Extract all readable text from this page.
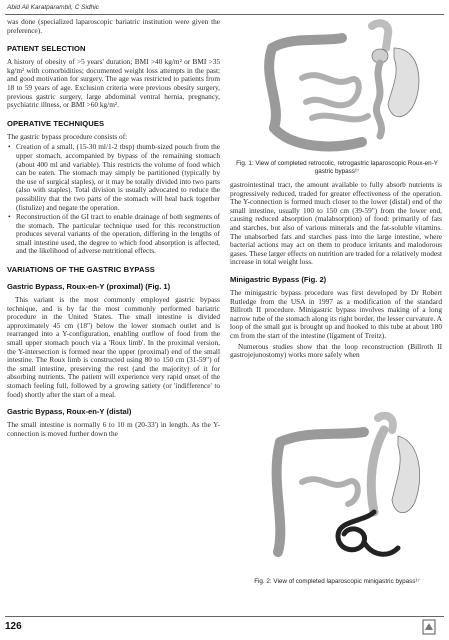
Abid Ali Karatparambil, C Sidhic

was done (specialized laparoscopic bariatric institution were given the preference).

PATIENT SELECTION

A history of obesity of >5 years' duration; BMI >40 kg/m² or BMI >35 kg/m² with comorbidities; documented weight loss attempts in the past; and good motivation for surgery. The age was restricted to patients from 18 to 59 years of age. Exclusion criteria were previous obesity surgery, previous gastric surgery, large abdominal ventral hernia, pregnancy, psychiatric illness, or BMI >60 kg/m².

OPERATIVE TECHNIQUES

The gastric bypass procedure consists of:

• Creation of a small, (15-30 ml/1-2 tbsp) thumb-sized pouch from the upper stomach, accompanied by bypass of the remaining stomach (about 400 ml and variable). This restricts the volume of food which can be eaten. The stomach may simply be partitioned (typically by the use of surgical staples), or it may be totally divided into two parts (also with staples). Total division is usually advocated to reduce the possibility that the two parts of the stomach will heal back together (fistulize) and negate the operation.
• Reconstruction of the GI tract to enable drainage of both segments of the stomach. The particular technique used for this reconstruction produces several variants of the operation, differing in the lengths of small intestine used, the degree to which food absorption is affected, and the likelihood of adverse nutritional effects.
VARIATIONS OF THE GASTRIC BYPASS
Gastric Bypass, Roux-en-Y (proximal) (Fig. 1)

This variant is the most commonly employed gastric bypass technique, and is by far the most commonly performed bariatric procedure in the United States. The small intestine is divided approximately 45 cm (18") below the lower stomach outlet and is rearranged into a Y-configuration, enabling outflow of food from the small upper stomach pouch via a 'Roux limb'. In the proximal version, the Y-intersection is formed near the upper (proximal) end of the small intestine. The Roux limb is constructed using 80 to 150 cm (31-59") of the small intestine, preserving the rest (and the majority) of it for absorbing nutrients. The patient will experience very rapid onset of the stomach feeling full, followed by a growing satiety (or 'indifference' to food) shortly after the start of a meal.

Gastric Bypass, Roux-en-Y (distal)

The small intestine is normally 6 to 10 m (20-33') in length. As the Y-connection is moved further down the

Fig. 1: View of completed retrocolic, retrogastric laparoscopic Roux-en-Y gastric bypass¹⁷

gastrointestinal tract, the amount available to fully absorb nutrients is progressively reduced, traded for greater effectiveness of the operation. The Y-connection is formed much closer to the lower (distal) end of the small intestine, usually 100 to 150 cm (39-59") from the lower end, causing reduced absorption (malabsorption) of food: primarily of fats and starches, but also of various minerals and the fat-soluble vitamins. The unabsorbed fats and starches pass into the large intestine, where bacterial actions may act on them to produce irritants and malodorous gases. These larger effects on nutrition are traded for a relatively modest increase in total weight loss.

Minigastric Bypass (Fig. 2)

The minigastric bypass procedure was first developed by Dr Robert Rutledge from the USA in 1997 as a modification of the standard Billroth II procedure. Minigastric bypass involves making of a long narrow tube of the stomach along its right border, the lesser curvature. A loop of the small gut is brought up and hooked to this tube at about 180 cm from the start of the intestine (ligament of Treitz).

Numerous studies show that the loop reconstruction (Billroth II gastrojejunostomy) works more safely when

Fig. 2: View of completed laparoscopic minigastric bypass¹⁷
126
